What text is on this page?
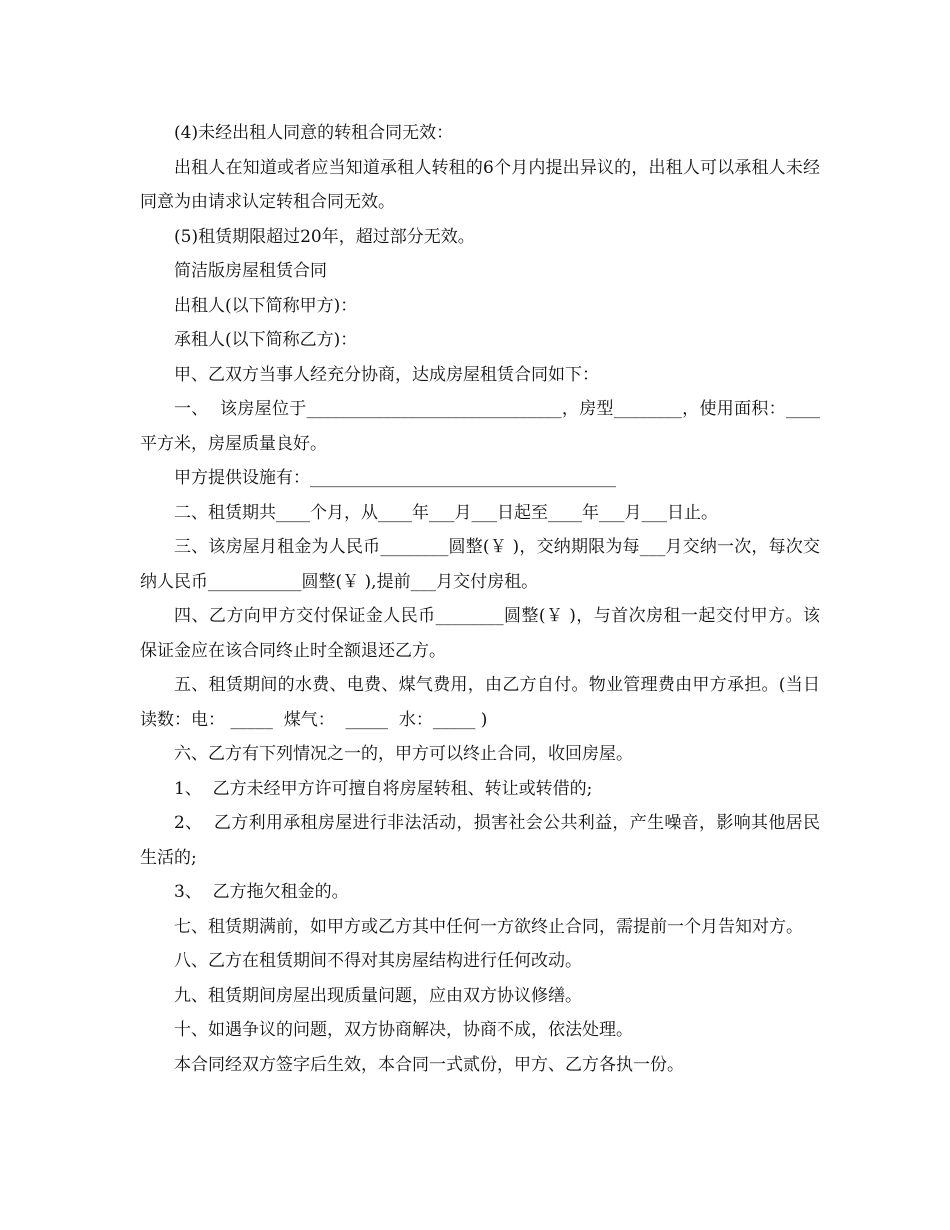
(4)未经出租人同意的转租合同无效：

出租人在知道或者应当知道承租人转租的6个月内提出异议的，出租人可以承租人未经同意为由请求认定转租合同无效。

(5)租赁期限超过20年，超过部分无效。

简洁版房屋租赁合同

出租人(以下简称甲方)：

承租人(以下简称乙方)：

甲、乙双方当事人经充分协商，达成房屋租赁合同如下：

一、  该房屋位于______________________________，房型________，使用面积：____平方米，房屋质量良好。

甲方提供设施有：____________________________________

二、租赁期共____个月，从____年___月___日起至____年___月___日止。

三、该房屋月租金为人民币________圆整(￥ )，交纳期限为每___月交纳一次，每次交纳人民币___________圆整(￥ ),提前___月交付房租。

四、乙方向甲方交付保证金人民币________圆整(￥ )，与首次房租一起交付甲方。该保证金应在该合同终止时全额退还乙方。

五、租赁期间的水费、电费、煤气费用，由乙方自付。物业管理费由甲方承担。(当日读数：电： _____  煤气：  _____  水：_____ )

六、乙方有下列情况之一的，甲方可以终止合同，收回房屋。

1、  乙方未经甲方许可擅自将房屋转租、转让或转借的;

2、  乙方利用承租房屋进行非法活动，损害社会公共利益，产生噪音，影响其他居民生活的;

3、  乙方拖欠租金的。

七、租赁期满前，如甲方或乙方其中任何一方欲终止合同，需提前一个月告知对方。

八、乙方在租赁期间不得对其房屋结构进行任何改动。

九、租赁期间房屋出现质量问题，应由双方协议修缮。

十、如遇争议的问题，双方协商解决，协商不成，依法处理。

本合同经双方签字后生效，本合同一式贰份，甲方、乙方各执一份。
